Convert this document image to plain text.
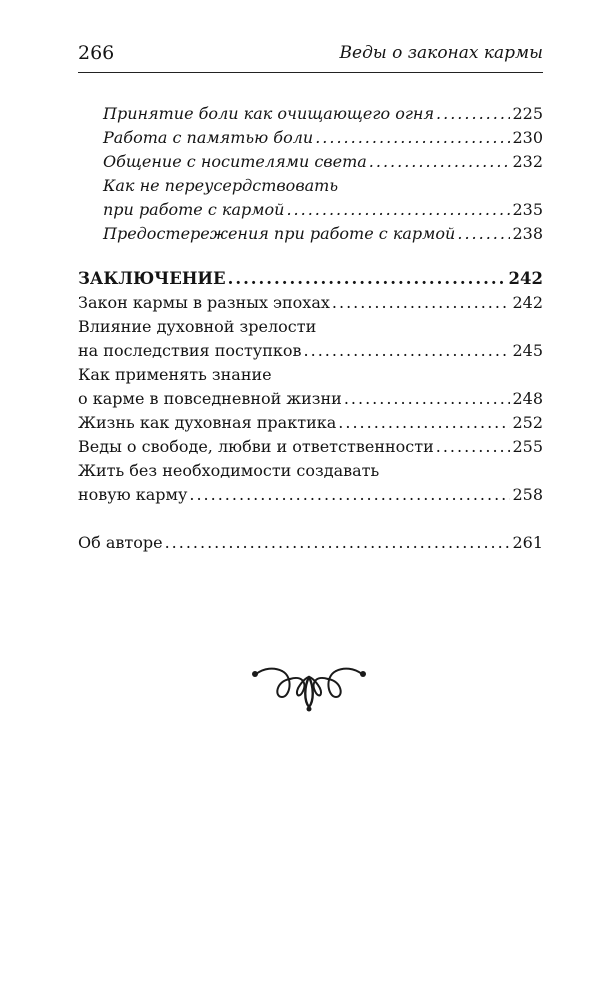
266	Веды о законах кармы
Принятие боли как очищающего огня .....	225
Работа с памятью боли .....	230
Общение с носителями света .....	232
Как не переусердствовать
при работе с кармой .....	235
Предостережения при работе с кармой .....	238
ЗАКЛЮЧЕНИЕ .....	242
Закон кармы в разных эпохах .....	242
Влияние духовной зрелости
на последствия поступков .....	245
Как применять знание
о карме в повседневной жизни .....	248
Жизнь как духовная практика .....	252
Веды о свободе, любви и ответственности .....	255
Жить без необходимости создавать
новую карму .....	258
Об авторе .....	261
